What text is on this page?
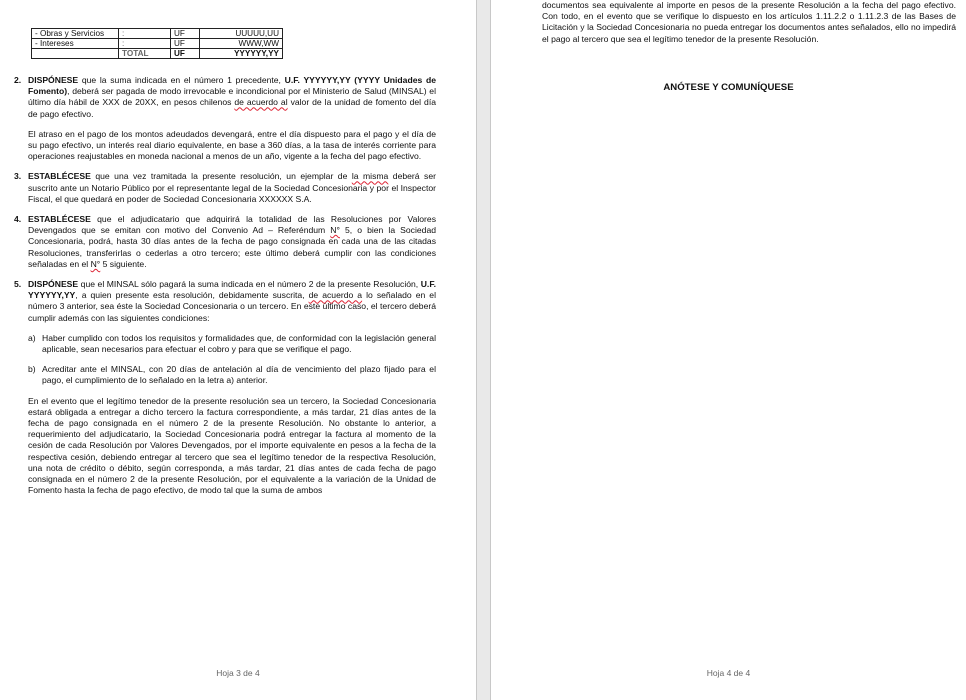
- Obras y Servicios	:	UF	UUUUU,UU
- Intereses	:	UF	WWW,WW
	TOTAL	UF	YYYYYY,YY
2. DISPÓNESE que la suma indicada en el número 1 precedente, U.F. YYYYYY,YY (YYYY Unidades de Fomento), deberá ser pagada de modo irrevocable e incondicional por el Ministerio de Salud (MINSAL) el último día hábil de XXX de 20XX, en pesos chilenos de acuerdo al valor de la unidad de fomento del día de pago efectivo.

El atraso en el pago de los montos adeudados devengará, entre el día dispuesto para el pago y el día de su pago efectivo, un interés real diario equivalente, en base a 360 días, a la tasa de interés corriente para operaciones reajustables en moneda nacional a menos de un año, vigente a la fecha del pago efectivo.

3. ESTABLÉCESE que una vez tramitada la presente resolución, un ejemplar de la misma deberá ser suscrito ante un Notario Público por el representante legal de la Sociedad Concesionaria y por el Inspector Fiscal, el que quedará en poder de Sociedad Concesionaria XXXXXX S.A.

4. ESTABLÉCESE que el adjudicatario que adquirirá la totalidad de las Resoluciones por Valores Devengados que se emitan con motivo del Convenio Ad – Referéndum N° 5, o bien la Sociedad Concesionaria, podrá, hasta 30 días antes de la fecha de pago consignada en cada una de las citadas Resoluciones, transferirlas o cederlas a otro tercero; este último deberá cumplir con las condiciones señaladas en el N° 5 siguiente.

5. DISPÓNESE que el MINSAL sólo pagará la suma indicada en el número 2 de la presente Resolución, U.F. YYYYYY,YY, a quien presente esta resolución, debidamente suscrita, de acuerdo a lo señalado en el número 3 anterior, sea éste la Sociedad Concesionaria o un tercero. En este último caso, el tercero deberá cumplir además con las siguientes condiciones:

a) Haber cumplido con todos los requisitos y formalidades que, de conformidad con la legislación general aplicable, sean necesarios para efectuar el cobro y para que se verifique el pago.

b) Acreditar ante el MINSAL, con 20 días de antelación al día de vencimiento del plazo fijado para el pago, el cumplimiento de lo señalado en la letra a) anterior.

En el evento que el legítimo tenedor de la presente resolución sea un tercero, la Sociedad Concesionaria estará obligada a entregar a dicho tercero la factura correspondiente, a más tardar, 21 días antes de la fecha de pago consignada en el número 2 de la presente Resolución. No obstante lo anterior, a requerimiento del adjudicatario, la Sociedad Concesionaria podrá entregar la factura al momento de la cesión de cada Resolución por Valores Devengados, por el importe equivalente en pesos a la fecha de la respectiva cesión, debiendo entregar al tercero que sea el legítimo tenedor de la respectiva Resolución, una nota de crédito o débito, según corresponda, a más tardar, 21 días antes de cada fecha de pago consignada en el número 2 de la presente Resolución, por el equivalente a la variación de la Unidad de Fomento hasta la fecha de pago efectivo, de modo tal que la suma de ambos

Hoja 3 de 4

documentos sea equivalente al importe en pesos de la presente Resolución a la fecha del pago efectivo. Con todo, en el evento que se verifique lo dispuesto en los artículos 1.11.2.2 o 1.11.2.3 de las Bases de Licitación y la Sociedad Concesionaria no pueda entregar los documentos antes señalados, ello no impedirá el pago al tercero que sea el legítimo tenedor de la presente Resolución.

ANÓTESE Y COMUNÍQUESE
Hoja 4 de 4
